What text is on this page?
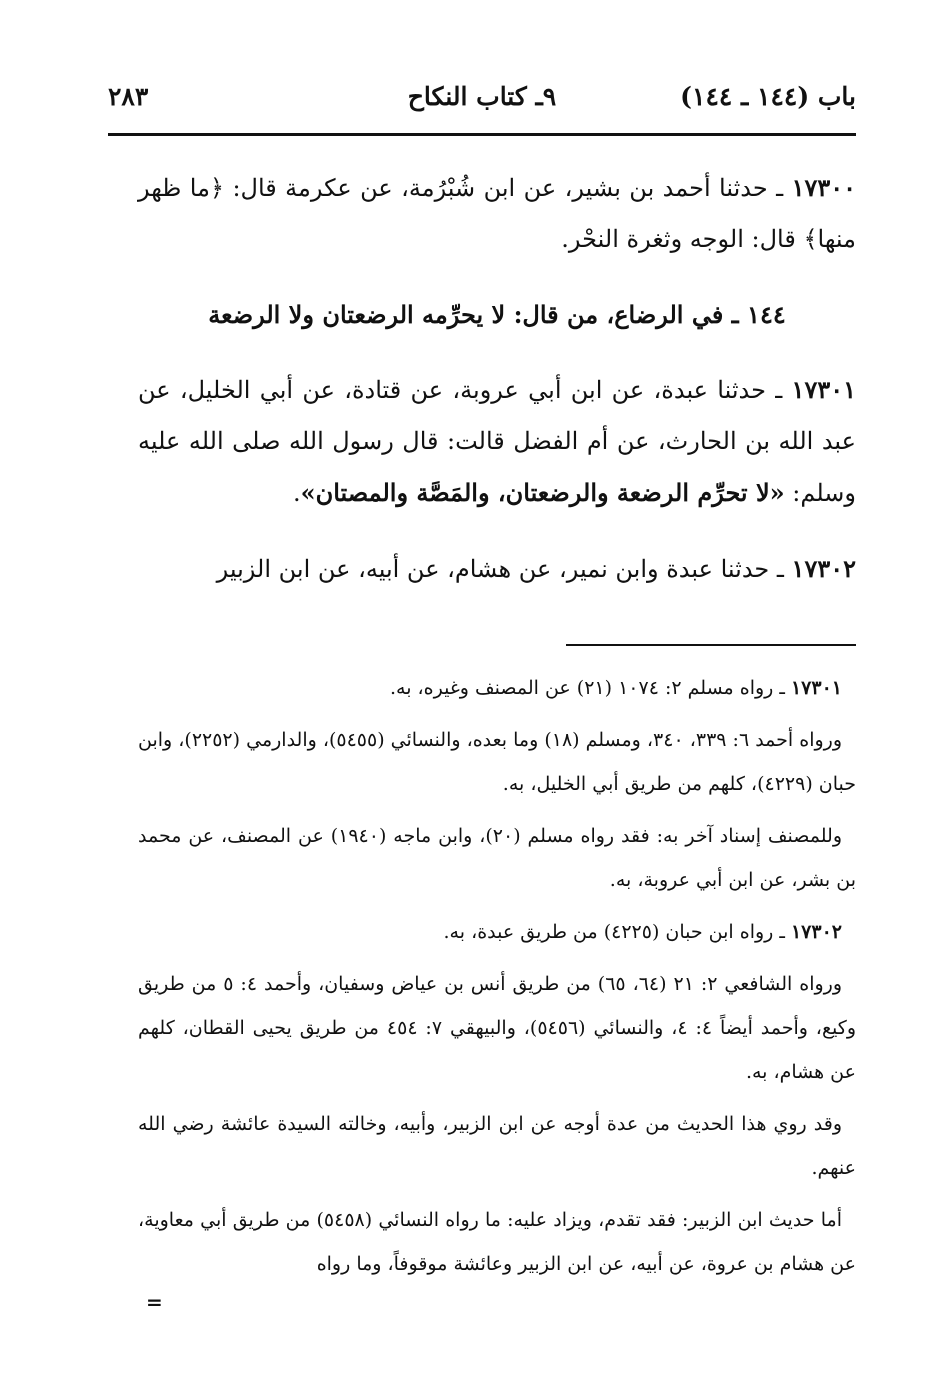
باب (١٤٤ ـ ١٤٤)
٩ـ كتاب النكاح
٢٨٣

١٧٣٠٠ ـ حدثنا أحمد بن بشير، عن ابن شُبْرُمة، عن عكرمة قال: ﴿ما ظهر منها﴾ قال: الوجه وثغرة النحْر.

١٤٤ ـ في الرضاع، من قال: لا يحرِّمه الرضعتان ولا الرضعة

١٧٣٠١ ـ حدثنا عبدة، عن ابن أبي عروبة، عن قتادة، عن أبي الخليل، عن عبد الله بن الحارث، عن أم الفضل قالت: قال رسول الله صلى الله عليه وسلم: «لا تحرِّم الرضعة والرضعتان، والمَصَّة والمصتان».

١٧٣٠٢ ـ حدثنا عبدة وابن نمير، عن هشام، عن أبيه، عن ابن الزبير

١٧٣٠١ ـ رواه مسلم ٢: ١٠٧٤ (٢١) عن المصنف وغيره، به.

ورواه أحمد ٦: ٣٣٩، ٣٤٠، ومسلم (١٨) وما بعده، والنسائي (٥٤٥٥)، والدارمي (٢٢٥٢)، وابن حبان (٤٢٢٩)، كلهم من طريق أبي الخليل، به.

وللمصنف إسناد آخر به: فقد رواه مسلم (٢٠)، وابن ماجه (١٩٤٠) عن المصنف، عن محمد بن بشر، عن ابن أبي عروبة، به.

١٧٣٠٢ ـ رواه ابن حبان (٤٢٢٥) من طريق عبدة، به.

ورواه الشافعي ٢: ٢١ (٦٤، ٦٥) من طريق أنس بن عياض وسفيان، وأحمد ٤: ٥ من طريق وكيع، وأحمد أيضاً ٤: ٤، والنسائي (٥٤٥٦)، والبيهقي ٧: ٤٥٤ من طريق يحيى القطان، كلهم عن هشام، به.

وقد روي هذا الحديث من عدة أوجه عن ابن الزبير، وأبيه، وخالته السيدة عائشة رضي الله عنهم.

أما حديث ابن الزبير: فقد تقدم، ويزاد عليه: ما رواه النسائي (٥٤٥٨) من طريق أبي معاوية، عن هشام بن عروة، عن أبيه، عن ابن الزبير وعائشة موقوفاً، وما رواه

=
